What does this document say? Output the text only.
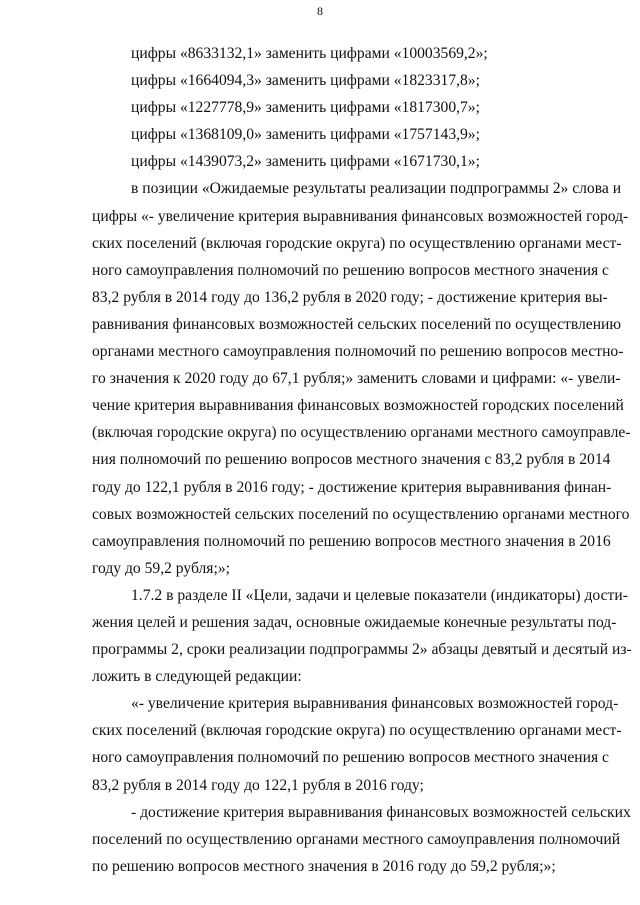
8
цифры «8633132,1» заменить цифрами «10003569,2»;
цифры «1664094,3» заменить цифрами «1823317,8»;
цифры «1227778,9» заменить цифрами «1817300,7»;
цифры «1368109,0» заменить цифрами «1757143,9»;
цифры «1439073,2» заменить цифрами «1671730,1»;
в позиции «Ожидаемые результаты реализации подпрограммы 2» слова и
цифры «- увеличение критерия выравнивания финансовых возможностей город-
ских поселений (включая городские округа) по осуществлению органами мест-
ного самоуправления полномочий по решению вопросов местного значения с
83,2 рубля в 2014 году до 136,2 рубля в 2020 году; - достижение критерия вы-
равнивания финансовых возможностей сельских поселений по осуществлению
органами местного самоуправления полномочий по решению вопросов местно-
го значения к 2020 году до 67,1 рубля;» заменить словами и цифрами: «- увели-
чение критерия выравнивания финансовых возможностей городских поселений
(включая городские округа) по осуществлению органами местного самоуправле-
ния полномочий по решению вопросов местного значения с 83,2 рубля в 2014
году до 122,1 рубля в 2016 году; - достижение критерия выравнивания финан-
совых возможностей сельских поселений по осуществлению органами местного
самоуправления полномочий по решению вопросов местного значения в 2016
году до 59,2 рубля;»;
1.7.2 в разделе II «Цели, задачи и целевые показатели (индикаторы) дости-
жения целей и решения задач, основные ожидаемые конечные результаты под-
программы 2, сроки реализации подпрограммы 2» абзацы девятый и десятый из-
ложить в следующей редакции:
«- увеличение критерия выравнивания финансовых возможностей город-
ских поселений (включая городские округа) по осуществлению органами мест-
ного самоуправления полномочий по решению вопросов местного значения с
83,2 рубля в 2014 году до 122,1 рубля в 2016 году;
- достижение критерия выравнивания финансовых возможностей сельских
поселений по осуществлению органами местного самоуправления полномочий
по решению вопросов местного значения в 2016 году до 59,2 рубля;»;
